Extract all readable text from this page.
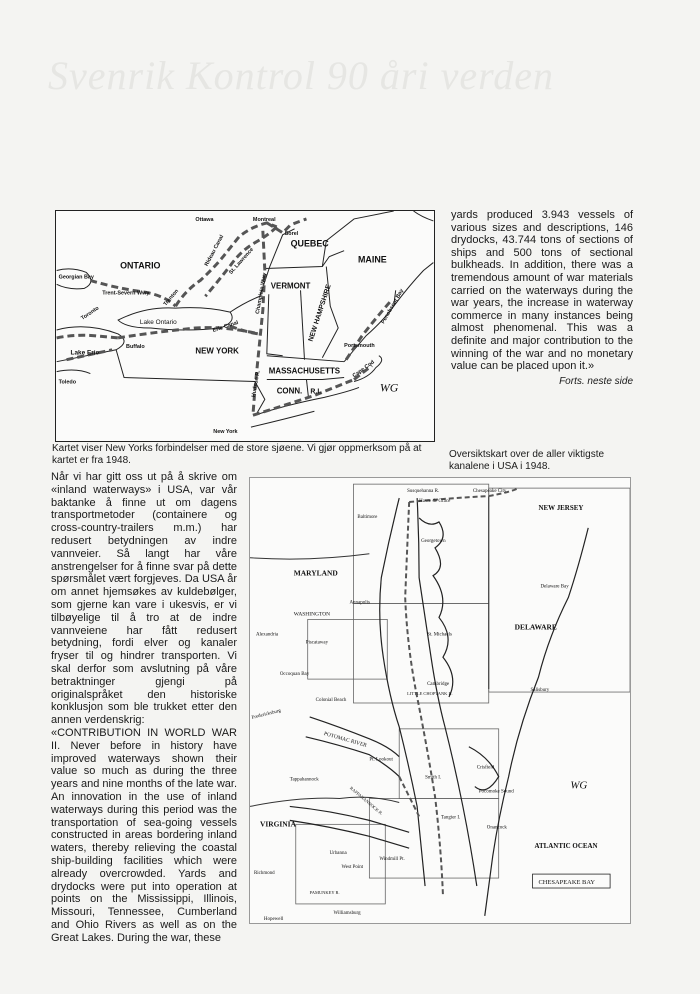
Svenrik Kontrol 90 åri verden
ONTARIO
QUEBEC
MAINE
VERMONT
NEW HAMPSHIRE
MASSACHUSETTS
CONN. R.I.
NEW YORK
Lake Ontario
Lake Erie
Georgian Bay
Trent-Severn Wwy
Ottawa	Montreal
Sorel
Rideau Canal St. Lawrence
Champlain Wwy	Penobscot Bay
Portsmouth
Cape Cod
Erie Canal
Hudson R.
Toronto
Trenton
Buffalo
Toledo
New York
WG
Kartet viser New Yorks forbindelser med de store sjøene. Vi gjør oppmerksom på at kartet er fra 1948.

yards produced 3.943 vessels of various sizes and descriptions, 146 drydocks, 43.744 tons of sections of ships and 500 tons of sectional bulkheads. In addition, there was a tremendous amount of war materials carried on the waterways during the war years, the increase in waterway commerce in many instances being almost phenomenal. This was a definite and major contribution to the winning of the war and no monetary value can be placed upon it.»

Forts. neste side

Oversiktskart over de aller viktigste kanalene i USA i 1948.

Når vi har gitt oss ut på å skrive om «inland waterways» i USA, var vår baktanke å finne ut om dagens transportmetoder (containere og cross-country-trailers m.m.) har redusert betydningen av indre vannveier. Så langt har våre anstrengelser for å finne svar på dette spørsmålet vært forgjeves. Da USA år om annet hjemsøkes av kuldebølger, som gjerne kan vare i ukesvis, er vi tilbøyelige til å tro at de indre vannveiene har fått redusert betydning, fordi elver og kanaler fryser til og hindrer transporten. Vi skal derfor som avslutning på våre betraktninger gjengi på originalspråket den historiske konklusjon som ble trukket etter den annen verdenskrig:

«CONTRIBUTION IN WORLD WAR II. Never before in history have improved waterways shown their value so much as during the three years and nine months of the late war. An innovation in the use of inland waterways during this period was the transportation of sea-going vessels constructed in areas bordering inland waters, thereby relieving the coastal ship-building facilities which were already overcrowded. Yards and drydocks were put into operation at points on the Mississippi, Illinois, Missouri, Tennessee, Cumberland and Ohio Rivers as well as on the Great Lakes. During the war, these

NEW JERSEY
MARYLAND
DELAWARE
VIRGINIA
ATLANTIC OCEAN
CHESAPEAKE BAY
WASHINGTON
Baltimore
Annapolis
Alexandria
POTOMAC RIVER
Delaware Bay
Salisbury
Cambridge
Crisfield
Tangier I.
Smith I.
Onancock
Urbanna
West Point
Richmond
Williamsburg
Hopewell
Fredericksburg
Tappahannock
Colonial Beach
Occoquan Bay
Piscataway
Susquehanna R.
Havre de Grace
Georgetown
Chesapeake City
St. Michaels
LITTLE CHOPTANK R.
RAPPAHANNOCK R.
PAMUNKEY R.
Pt. Lookout
Windmill Pt.
Pocomoke Sound
WG
